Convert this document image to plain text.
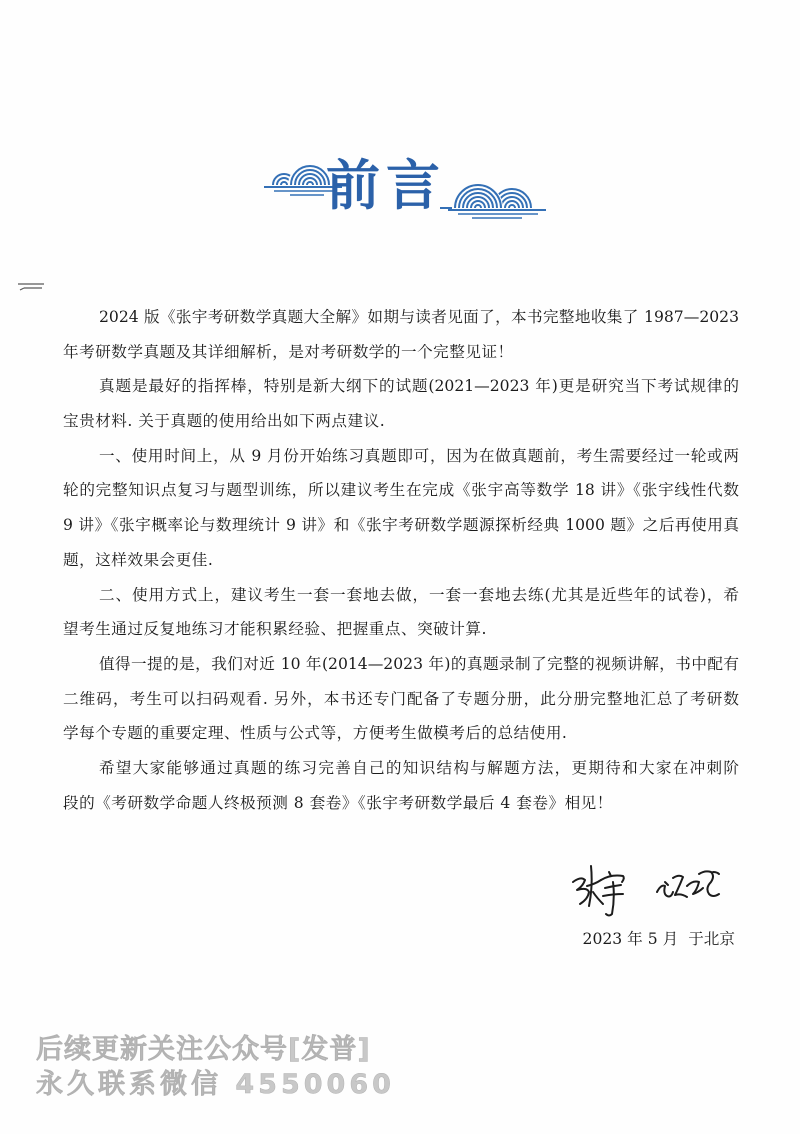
前言
2024 版《张宇考研数学真题大全解》如期与读者见面了，本书完整地收集了 1987—2023
年考研数学真题及其详细解析，是对考研数学的一个完整见证！
真题是最好的指挥棒，特别是新大纲下的试题(2021—2023 年)更是研究当下考试规律的
宝贵材料. 关于真题的使用给出如下两点建议.
一、使用时间上，从 9 月份开始练习真题即可，因为在做真题前，考生需要经过一轮或两
轮的完整知识点复习与题型训练，所以建议考生在完成《张宇高等数学 18 讲》《张宇线性代数
9 讲》《张宇概率论与数理统计 9 讲》和《张宇考研数学题源探析经典 1000 题》之后再使用真
题，这样效果会更佳.
二、使用方式上，建议考生一套一套地去做，一套一套地去练(尤其是近些年的试卷)，希
望考生通过反复地练习才能积累经验、把握重点、突破计算.
值得一提的是，我们对近 10 年(2014—2023 年)的真题录制了完整的视频讲解，书中配有
二维码，考生可以扫码观看. 另外，本书还专门配备了专题分册，此分册完整地汇总了考研数
学每个专题的重要定理、性质与公式等，方便考生做模考后的总结使用.
希望大家能够通过真题的练习完善自己的知识结构与解题方法，更期待和大家在冲刺阶
段的《考研数学命题人终极预测 8 套卷》《张宇考研数学最后 4 套卷》相见！
2023 年 5 月 于北京
后续更新关注公众号[发普]
永久联系微信 4550060
